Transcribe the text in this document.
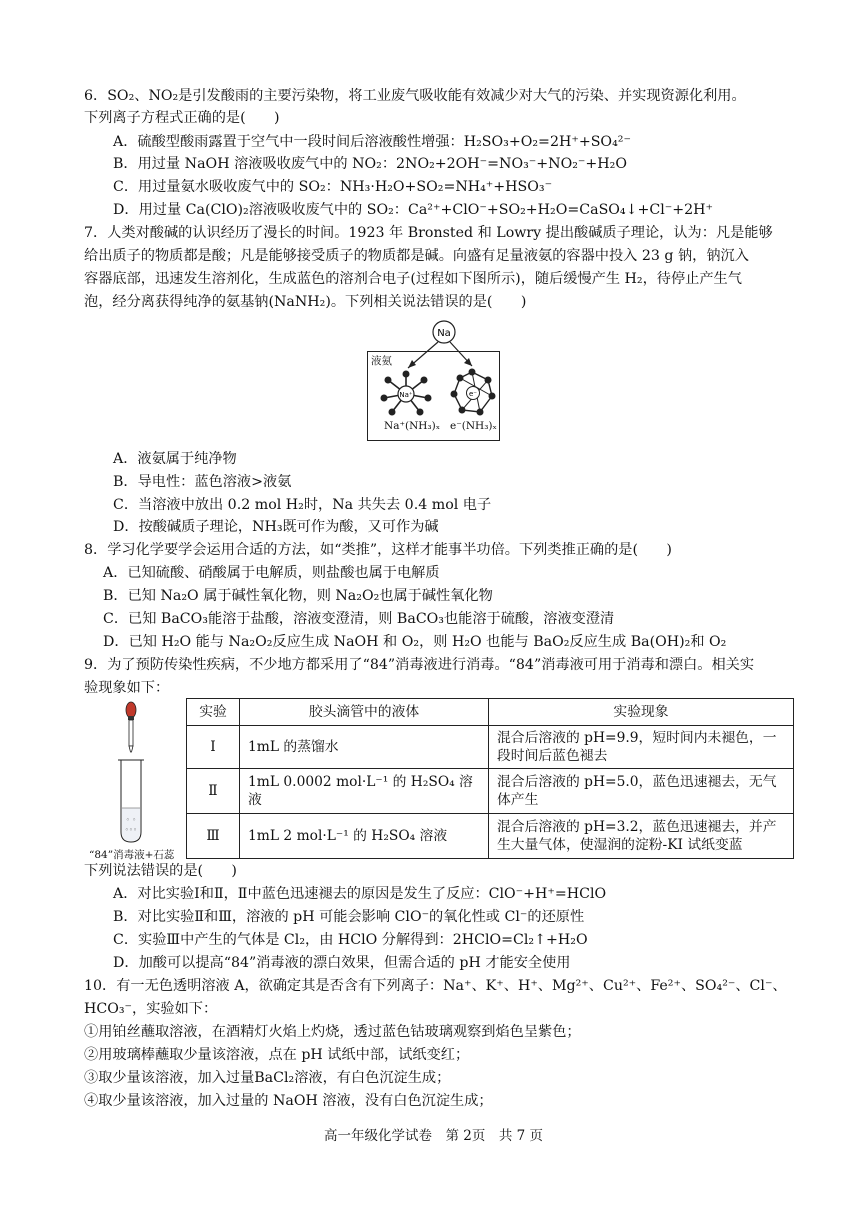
6．SO₂、NO₂是引发酸雨的主要污染物，将工业废气吸收能有效减少对大气的污染、并实现资源化利用。
下列离子方程式正确的是(　　)
A．硫酸型酸雨露置于空气中一段时间后溶液酸性增强：H₂SO₃+O₂=2H⁺+SO₄²⁻
B．用过量 NaOH 溶液吸收废气中的 NO₂：2NO₂+2OH⁻=NO₃⁻+NO₂⁻+H₂O
C．用过量氨水吸收废气中的 SO₂：NH₃·H₂O+SO₂=NH₄⁺+HSO₃⁻
D．用过量 Ca(ClO)₂溶液吸收废气中的 SO₂：Ca²⁺+ClO⁻+SO₂+H₂O=CaSO₄↓+Cl⁻+2H⁺
7．人类对酸碱的认识经历了漫长的时间。1923 年 Bronsted 和 Lowry 提出酸碱质子理论，认为：凡是能够
给出质子的物质都是酸；凡是能够接受质子的物质都是碱。向盛有足量液氨的容器中投入 23 g 钠，钠沉入
容器底部，迅速发生溶剂化，生成蓝色的溶剂合电子(过程如下图所示)，随后缓慢产生 H₂，待停止产生气
泡，经分离获得纯净的氨基钠(NaNH₂)。下列相关说法错误的是(　　)
Na
Na⁺	e⁻
液氨
Na⁺(NH₃)ₓ e⁻(NH₃)ₓ
A．液氨属于纯净物
B．导电性：蓝色溶液>液氨
C．当溶液中放出 0.2 mol H₂时，Na 共失去 0.4 mol 电子
D．按酸碱质子理论，NH₃既可作为酸，又可作为碱
8．学习化学要学会运用合适的方法，如“类推”，这样才能事半功倍。下列类推正确的是(　　)
A．已知硫酸、硝酸属于电解质，则盐酸也属于电解质
B．已知 Na₂O 属于碱性氧化物，则 Na₂O₂也属于碱性氧化物
C．已知 BaCO₃能溶于盐酸，溶液变澄清，则 BaCO₃也能溶于硫酸，溶液变澄清
D．已知 H₂O 能与 Na₂O₂反应生成 NaOH 和 O₂，则 H₂O 也能与 BaO₂反应生成 Ba(OH)₂和 O₂
9．为了预防传染性疾病，不少地方都采用了“84”消毒液进行消毒。“84”消毒液可用于消毒和漂白。相关实
验现象如下：
◦ ◦
◦◦◦
“84”消毒液+石蕊
实验	胶头滴管中的液体	实验现象
Ⅰ	1mL 的蒸馏水	混合后溶液的 pH=9.9，短时间内未褪色，一段时间后蓝色褪去
Ⅱ	1mL 0.0002 mol·L⁻¹ 的 H₂SO₄ 溶液	混合后溶液的 pH=5.0，蓝色迅速褪去，无气体产生
Ⅲ	1mL 2 mol·L⁻¹ 的 H₂SO₄ 溶液	混合后溶液的 pH=3.2，蓝色迅速褪去，并产生大量气体，使湿润的淀粉-KI 试纸变蓝
下列说法错误的是(　　)
A．对比实验Ⅰ和Ⅱ，Ⅱ中蓝色迅速褪去的原因是发生了反应：ClO⁻+H⁺=HClO
B．对比实验Ⅱ和Ⅲ，溶液的 pH 可能会影响 ClO⁻的氧化性或 Cl⁻的还原性
C．实验Ⅲ中产生的气体是 Cl₂，由 HClO 分解得到：2HClO=Cl₂↑+H₂O
D．加酸可以提高“84”消毒液的漂白效果，但需合适的 pH 才能安全使用
10．有一无色透明溶液 A，欲确定其是否含有下列离子：Na⁺、K⁺、H⁺、Mg²⁺、Cu²⁺、Fe²⁺、SO₄²⁻、Cl⁻、
HCO₃⁻，实验如下：
①用铂丝蘸取溶液，在酒精灯火焰上灼烧，透过蓝色钴玻璃观察到焰色呈紫色；
②用玻璃棒蘸取少量该溶液，点在 pH 试纸中部，试纸变红；
③取少量该溶液，加入过量BaCl₂溶液，有白色沉淀生成；
④取少量该溶液，加入过量的 NaOH 溶液，没有白色沉淀生成；
高一年级化学试卷　第 2页　共 7 页
